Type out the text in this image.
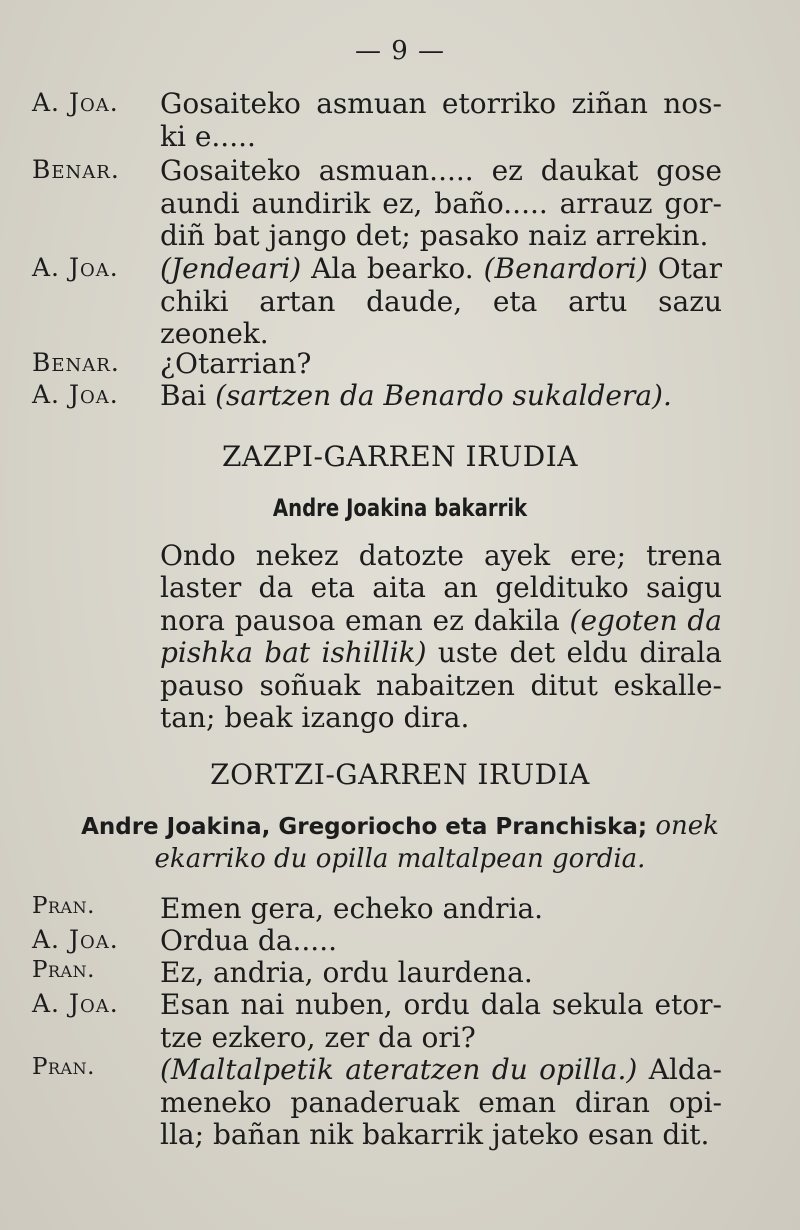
— 9 —
A. Joa. Gosaiteko asmuan etorriko ziñan nos-ki e.....
Benar. Gosaiteko asmuan..... ez daukat gose aundi aundirik ez, baño..... arrauz gor-diñ bat jango det; pasako naiz arrekin.
A. Joa. (Jendeari) Ala bearko. (Benardori) Otar chiki artan daude, eta artu sazu zeonek.
Benar. ¿Otarrian?
A. Joa. Bai (sartzen da Benardo sukaldera).
ZAZPI-GARREN IRUDIA
Andre Joakina bakarrik
Ondo nekez datozte ayek ere; trena laster da eta aita an geldituko saigu nora pausoa eman ez dakila (egoten da pishka bat ishillik) uste det eldu dirala pauso soñuak nabaitzen ditut eskalle-tan; beak izango dira.
ZORTZI-GARREN IRUDIA
Andre Joakina, Gregoriocho eta Pranchiska; onek ekarriko du opilla maltalpean gordia.
Pran. Emen gera, echeko andria.
A. Joa. Ordua da.....
Pran. Ez, andria, ordu laurdena.
A. Joa. Esan nai nuben, ordu dala sekula etor-tze ezkero, zer da ori?
Pran. (Maltalpetik ateratzen du opilla.) Alda-meneko panaderuak eman diran opi-lla; bañan nik bakarrik jateko esan dit.
